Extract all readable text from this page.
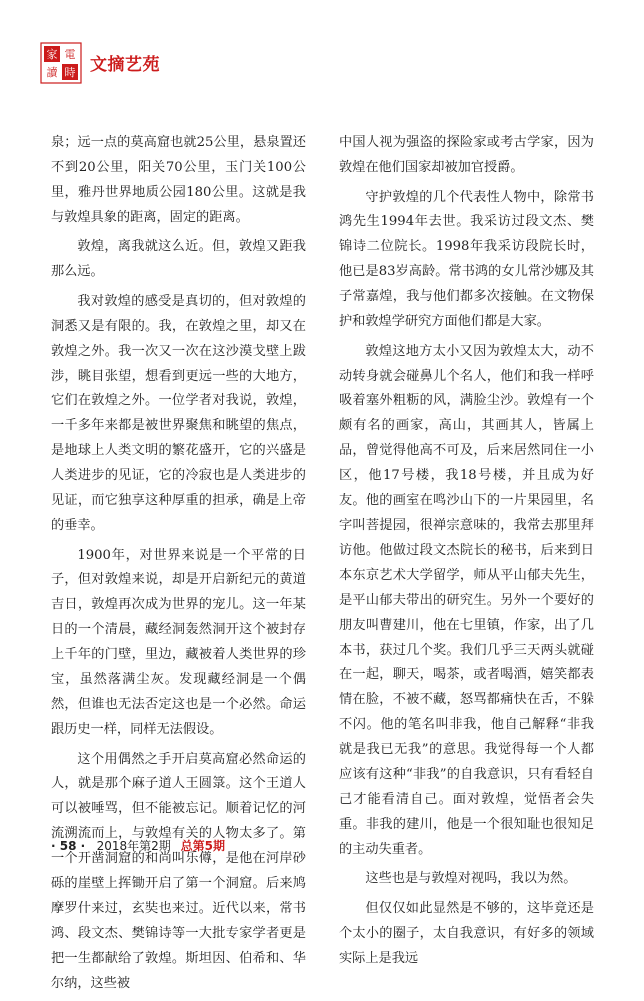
家 電
讀 時 文摘艺苑

泉；远一点的莫高窟也就25公里，悬泉置还不到20公里，阳关70公里，玉门关100公里，雅丹世界地质公园180公里。这就是我与敦煌具象的距离，固定的距离。

敦煌，离我就这么近。但，敦煌又距我那么远。

我对敦煌的感受是真切的，但对敦煌的洞悉又是有限的。我，在敦煌之里，却又在敦煌之外。我一次又一次在这沙漠戈壁上跋涉，眺目张望，想看到更远一些的大地方，它们在敦煌之外。一位学者对我说，敦煌，一千多年来都是被世界聚焦和眺望的焦点，是地球上人类文明的繁花盛开，它的兴盛是人类进步的见证，它的冷寂也是人类进步的见证，而它独享这种厚重的担承，确是上帝的垂幸。

1900年，对世界来说是一个平常的日子，但对敦煌来说，却是开启新纪元的黄道吉日，敦煌再次成为世界的宠儿。这一年某日的一个清晨，藏经洞轰然洞开这个被封存上千年的门壁，里边，藏被着人类世界的珍宝，虽然落满尘灰。发现藏经洞是一个偶然，但谁也无法否定这也是一个必然。命运跟历史一样，同样无法假设。

这个用偶然之手开启莫高窟必然命运的人，就是那个麻子道人王圆箓。这个王道人可以被唾骂，但不能被忘记。顺着记忆的河流溯流而上，与敦煌有关的人物太多了。第一个开凿洞窟的和尚叫乐僔，是他在河岸砂砾的崖壁上挥锄开启了第一个洞窟。后来鸠摩罗什来过，玄奘也来过。近代以来，常书鸿、段文杰、樊锦诗等一大批专家学者更是把一生都献给了敦煌。斯坦因、伯希和、华尔纳，这些被

中国人视为强盗的探险家或考古学家，因为敦煌在他们国家却被加官授爵。

守护敦煌的几个代表性人物中，除常书鸿先生1994年去世。我采访过段文杰、樊锦诗二位院长。1998年我采访段院长时，他已是83岁高龄。常书鸿的女儿常沙娜及其子常嘉煌，我与他们都多次接触。在文物保护和敦煌学研究方面他们都是大家。

敦煌这地方太小又因为敦煌太大，动不动转身就会碰鼻儿个名人，他们和我一样呼吸着塞外粗粝的风，满脸尘沙。敦煌有一个颇有名的画家，高山，其画其人，皆属上品，曾觉得他高不可及，后来居然同住一小区，他17号楼，我18号楼，并且成为好友。他的画室在鸣沙山下的一片果园里，名字叫菩提园，很禅宗意味的，我常去那里拜访他。他做过段文杰院长的秘书，后来到日本东京艺术大学留学，师从平山郁夫先生，是平山郁夫带出的研究生。另外一个要好的朋友叫曹建川，他在七里镇，作家，出了几本书，获过几个奖。我们几乎三天两头就碰在一起，聊天，喝茶，或者喝酒，嬉笑都表情在脸，不被不藏，怒骂都痛快在舌，不躲不闪。他的笔名叫非我，他自己解释“非我就是我已无我”的意思。我觉得每一个人都应该有这种“非我”的自我意识，只有看轻自己才能看清自己。面对敦煌，觉悟者会失重。非我的建川，他是一个很知耻也很知足的主动失重者。

这些也是与敦煌对视吗，我以为然。

但仅仅如此显然是不够的，这毕竟还是个太小的圈子，太自我意识，有好多的领域实际上是我远

· 58 · 2018年第2期 总第5期
